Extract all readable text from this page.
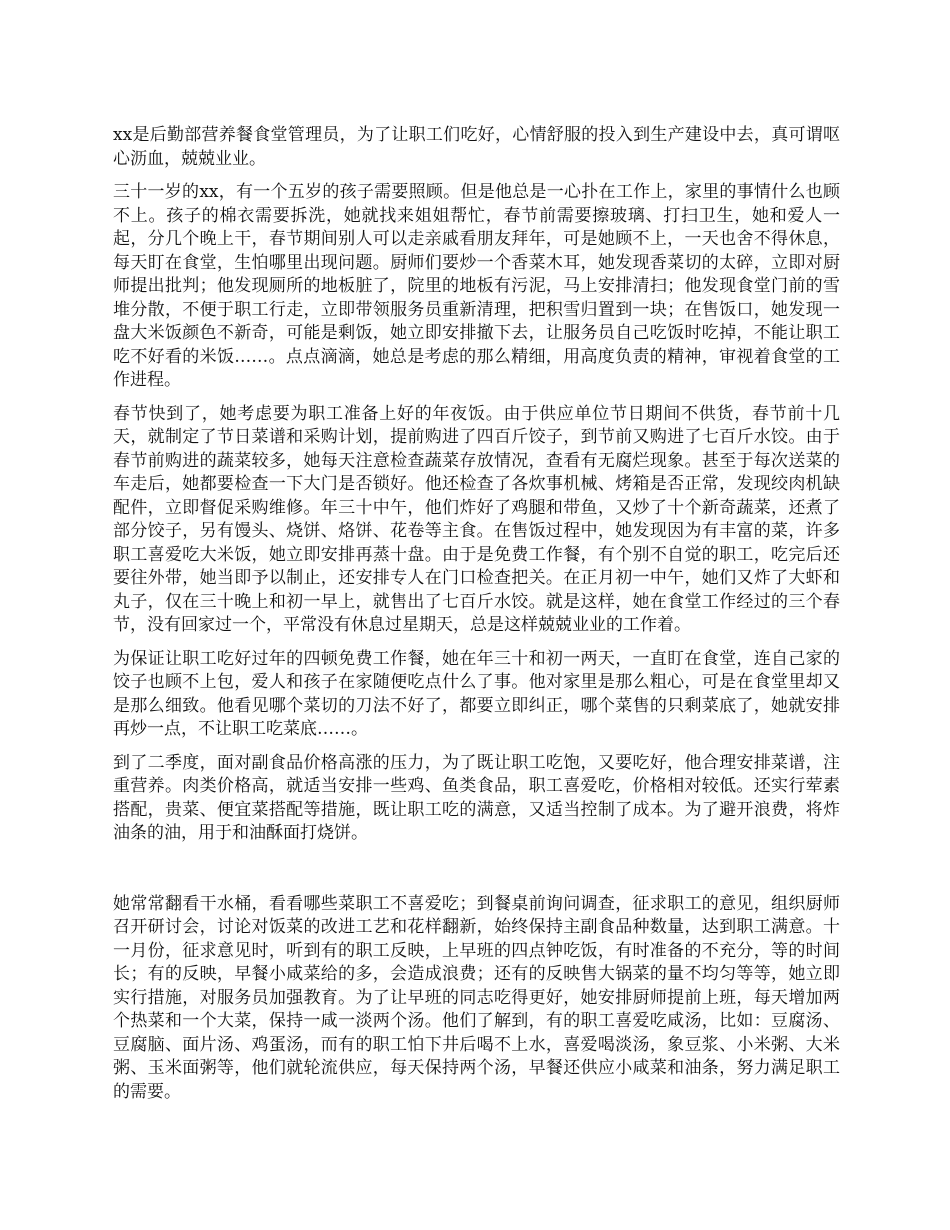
xx是后勤部营养餐食堂管理员，为了让职工们吃好，心情舒服的投入到生产建设中去，真可谓呕心沥血，兢兢业业。

三十一岁的xx，有一个五岁的孩子需要照顾。但是他总是一心扑在工作上，家里的事情什么也顾不上。孩子的棉衣需要拆洗，她就找来姐姐帮忙，春节前需要擦玻璃、打扫卫生，她和爱人一起，分几个晚上干，春节期间别人可以走亲戚看朋友拜年，可是她顾不上，一天也舍不得休息，每天盯在食堂，生怕哪里出现问题。厨师们要炒一个香菜木耳，她发现香菜切的太碎，立即对厨师提出批判；他发现厕所的地板脏了，院里的地板有污泥，马上安排清扫；他发现食堂门前的雪堆分散，不便于职工行走，立即带领服务员重新清理，把积雪归置到一块；在售饭口，她发现一盘大米饭颜色不新奇，可能是剩饭，她立即安排撤下去，让服务员自己吃饭时吃掉，不能让职工吃不好看的米饭……。点点滴滴，她总是考虑的那么精细，用高度负责的精神，审视着食堂的工作进程。

春节快到了，她考虑要为职工准备上好的年夜饭。由于供应单位节日期间不供货，春节前十几天，就制定了节日菜谱和采购计划，提前购进了四百斤饺子，到节前又购进了七百斤水饺。由于春节前购进的蔬菜较多，她每天注意检查蔬菜存放情况，查看有无腐烂现象。甚至于每次送菜的车走后，她都要检查一下大门是否锁好。他还检查了各炊事机械、烤箱是否正常，发现绞肉机缺配件，立即督促采购维修。年三十中午，他们炸好了鸡腿和带鱼，又炒了十个新奇蔬菜，还煮了部分饺子，另有馒头、烧饼、烙饼、花卷等主食。在售饭过程中，她发现因为有丰富的菜，许多职工喜爱吃大米饭，她立即安排再蒸十盘。由于是免费工作餐，有个别不自觉的职工，吃完后还要往外带，她当即予以制止，还安排专人在门口检查把关。在正月初一中午，她们又炸了大虾和丸子，仅在三十晚上和初一早上，就售出了七百斤水饺。就是这样，她在食堂工作经过的三个春节，没有回家过一个，平常没有休息过星期天，总是这样兢兢业业的工作着。

为保证让职工吃好过年的四顿免费工作餐，她在年三十和初一两天，一直盯在食堂，连自己家的饺子也顾不上包，爱人和孩子在家随便吃点什么了事。他对家里是那么粗心，可是在食堂里却又是那么细致。他看见哪个菜切的刀法不好了，都要立即纠正，哪个菜售的只剩菜底了，她就安排再炒一点，不让职工吃菜底……。

到了二季度，面对副食品价格高涨的压力，为了既让职工吃饱，又要吃好，他合理安排菜谱，注重营养。肉类价格高，就适当安排一些鸡、鱼类食品，职工喜爱吃，价格相对较低。还实行荤素搭配，贵菜、便宜菜搭配等措施，既让职工吃的满意，又适当控制了成本。为了避开浪费，将炸油条的油，用于和油酥面打烧饼。

她常常翻看干水桶，看看哪些菜职工不喜爱吃；到餐桌前询问调查，征求职工的意见，组织厨师召开研讨会，讨论对饭菜的改进工艺和花样翻新，始终保持主副食品种数量，达到职工满意。十一月份，征求意见时，听到有的职工反映，上早班的四点钟吃饭，有时准备的不充分，等的时间长；有的反映，早餐小咸菜给的多，会造成浪费；还有的反映售大锅菜的量不均匀等等，她立即实行措施，对服务员加强教育。为了让早班的同志吃得更好，她安排厨师提前上班，每天增加两个热菜和一个大菜，保持一咸一淡两个汤。他们了解到，有的职工喜爱吃咸汤，比如：豆腐汤、豆腐脑、面片汤、鸡蛋汤，而有的职工怕下井后喝不上水，喜爱喝淡汤，象豆浆、小米粥、大米粥、玉米面粥等，他们就轮流供应，每天保持两个汤，早餐还供应小咸菜和油条，努力满足职工的需要。
